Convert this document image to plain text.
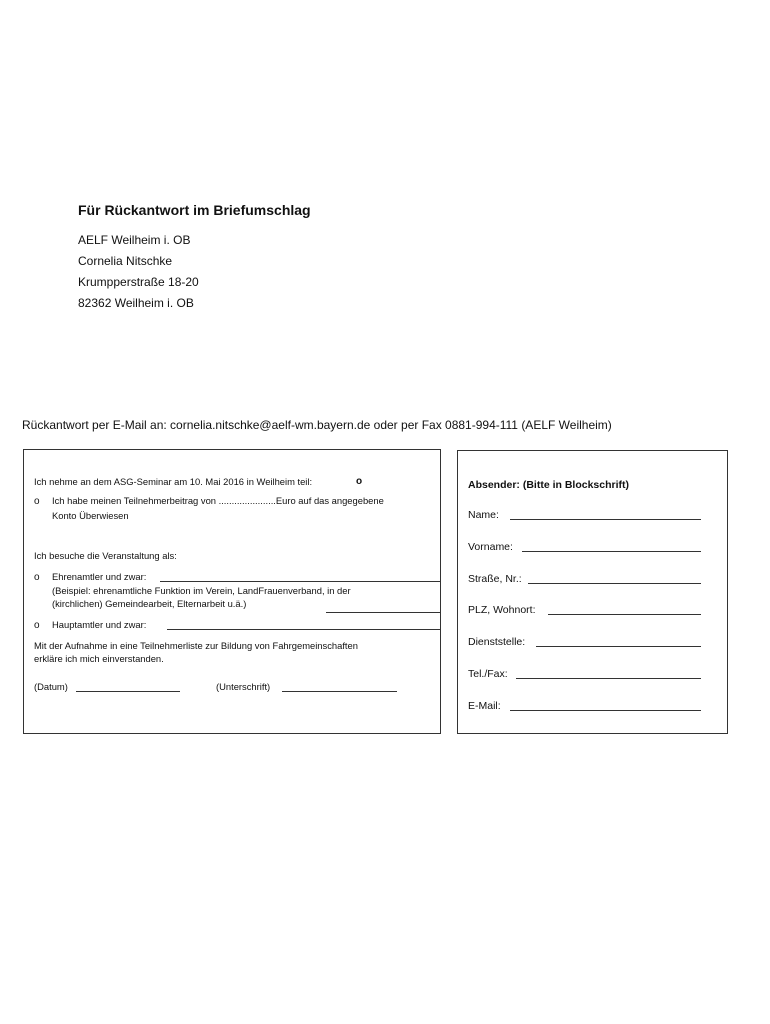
Für Rückantwort im Briefumschlag
AELF Weilheim i. OB
Cornelia Nitschke
Krumpperstraße 18-20
82362 Weilheim i. OB
Rückantwort per E-Mail an: cornelia.nitschke@aelf-wm.bayern.de oder per Fax 0881-994-111 (AELF Weilheim)
Ich nehme an dem ASG-Seminar am 10. Mai 2016 in Weilheim teil:	o
o Ich habe meinen Teilnehmerbeitrag von ......................Euro auf das angegebene
Konto Überwiesen
Ich besuche die Veranstaltung als:
o Ehrenamtler und zwar:
(Beispiel: ehrenamtliche Funktion im Verein, LandFrauenverband, in der
(kirchlichen) Gemeindearbeit, Elternarbeit u.ä.)
o Hauptamtler und zwar:
Mit der Aufnahme in eine Teilnehmerliste zur Bildung von Fahrgemeinschaften
erkläre ich mich einverstanden.
(Datum)	(Unterschrift)
Absender: (Bitte in Blockschrift)
Name:
Vorname:
Straße, Nr.:
PLZ, Wohnort:
Dienststelle:
Tel./Fax:
E-Mail:
